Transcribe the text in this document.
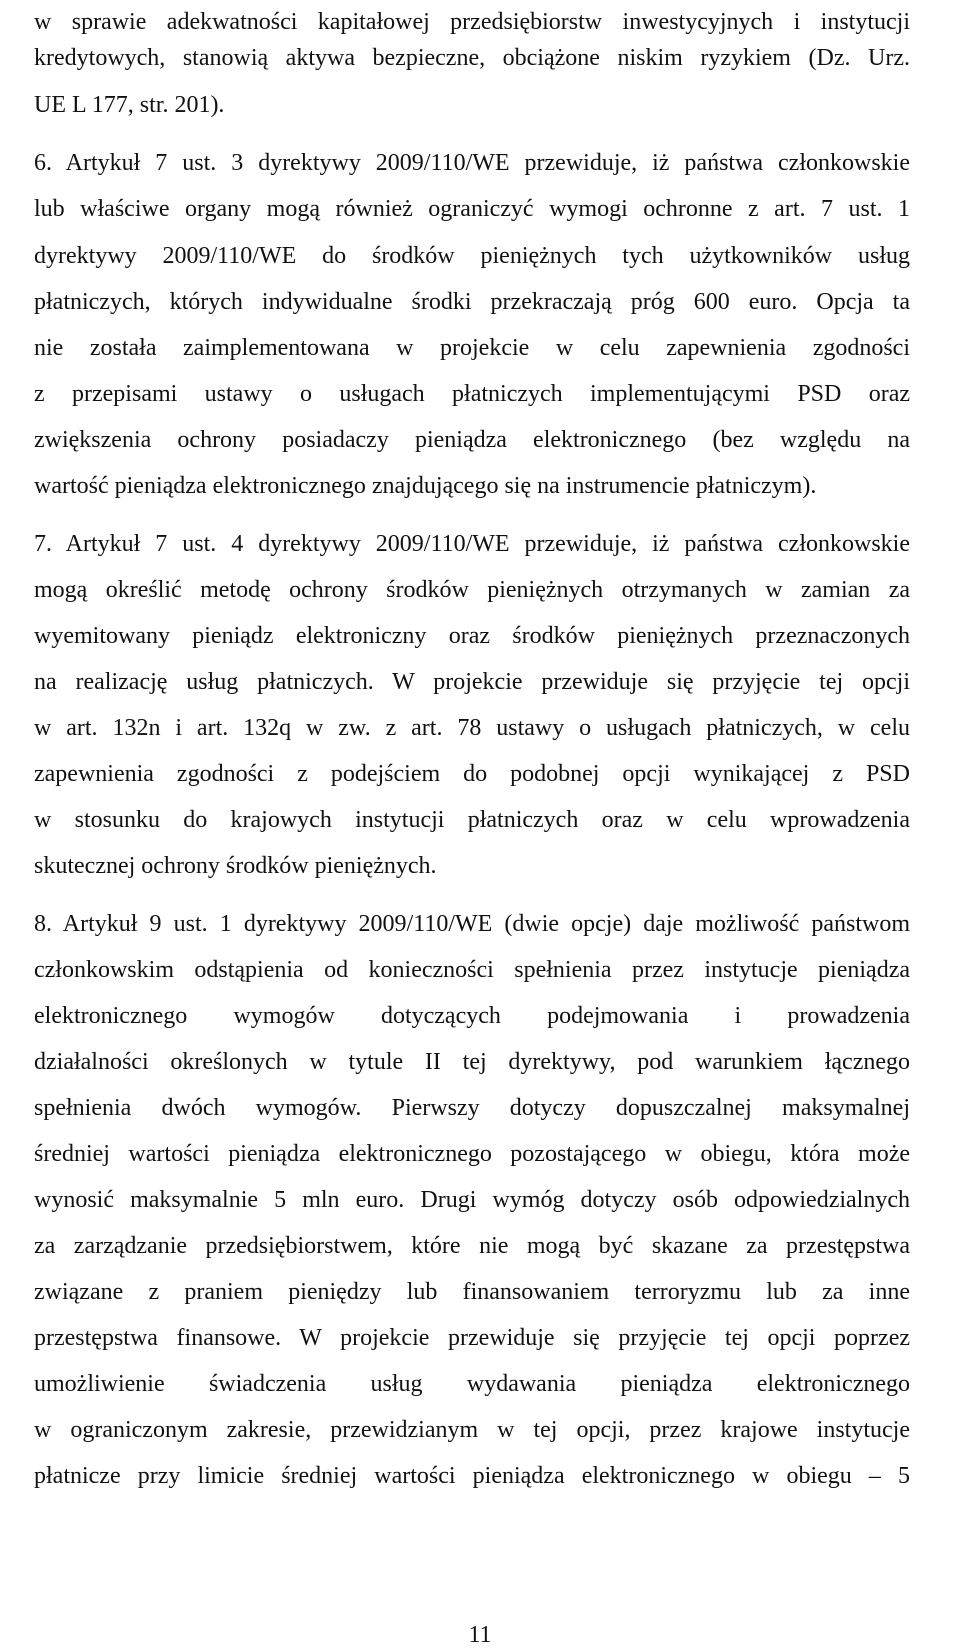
w sprawie adekwatności kapitałowej przedsiębiorstw inwestycyjnych i instytucji
kredytowych, stanowią aktywa bezpieczne, obciążone niskim ryzykiem (Dz. Urz.
UE L 177, str. 201).
6. Artykuł 7 ust. 3 dyrektywy 2009/110/WE przewiduje, iż państwa członkowskie
lub właściwe organy mogą również ograniczyć wymogi ochronne z art. 7 ust. 1
dyrektywy 2009/110/WE do środków pieniężnych tych użytkowników usług
płatniczych, których indywidualne środki przekraczają próg 600 euro. Opcja ta
nie została zaimplementowana w projekcie w celu zapewnienia zgodności
z przepisami ustawy o usługach płatniczych implementującymi PSD oraz
zwiększenia ochrony posiadaczy pieniądza elektronicznego (bez względu na
wartość pieniądza elektronicznego znajdującego się na instrumencie płatniczym).
7. Artykuł 7 ust. 4 dyrektywy 2009/110/WE przewiduje, iż państwa członkowskie
mogą określić metodę ochrony środków pieniężnych otrzymanych w zamian za
wyemitowany pieniądz elektroniczny oraz środków pieniężnych przeznaczonych
na realizację usług płatniczych. W projekcie przewiduje się przyjęcie tej opcji
w art. 132n i art. 132q w zw. z art. 78 ustawy o usługach płatniczych, w celu
zapewnienia zgodności z podejściem do podobnej opcji wynikającej z PSD
w stosunku do krajowych instytucji płatniczych oraz w celu wprowadzenia
skutecznej ochrony środków pieniężnych.
8. Artykuł 9 ust. 1 dyrektywy 2009/110/WE (dwie opcje) daje możliwość państwom
członkowskim odstąpienia od konieczności spełnienia przez instytucje pieniądza
elektronicznego wymogów dotyczących podejmowania i prowadzenia
działalności określonych w tytule II tej dyrektywy, pod warunkiem łącznego
spełnienia dwóch wymogów. Pierwszy dotyczy dopuszczalnej maksymalnej
średniej wartości pieniądza elektronicznego pozostającego w obiegu, która może
wynosić maksymalnie 5 mln euro. Drugi wymóg dotyczy osób odpowiedzialnych
za zarządzanie przedsiębiorstwem, które nie mogą być skazane za przestępstwa
związane z praniem pieniędzy lub finansowaniem terroryzmu lub za inne
przestępstwa finansowe. W projekcie przewiduje się przyjęcie tej opcji poprzez
umożliwienie świadczenia usług wydawania pieniądza elektronicznego
w ograniczonym zakresie, przewidzianym w tej opcji, przez krajowe instytucje
płatnicze przy limicie średniej wartości pieniądza elektronicznego w obiegu – 5
11
